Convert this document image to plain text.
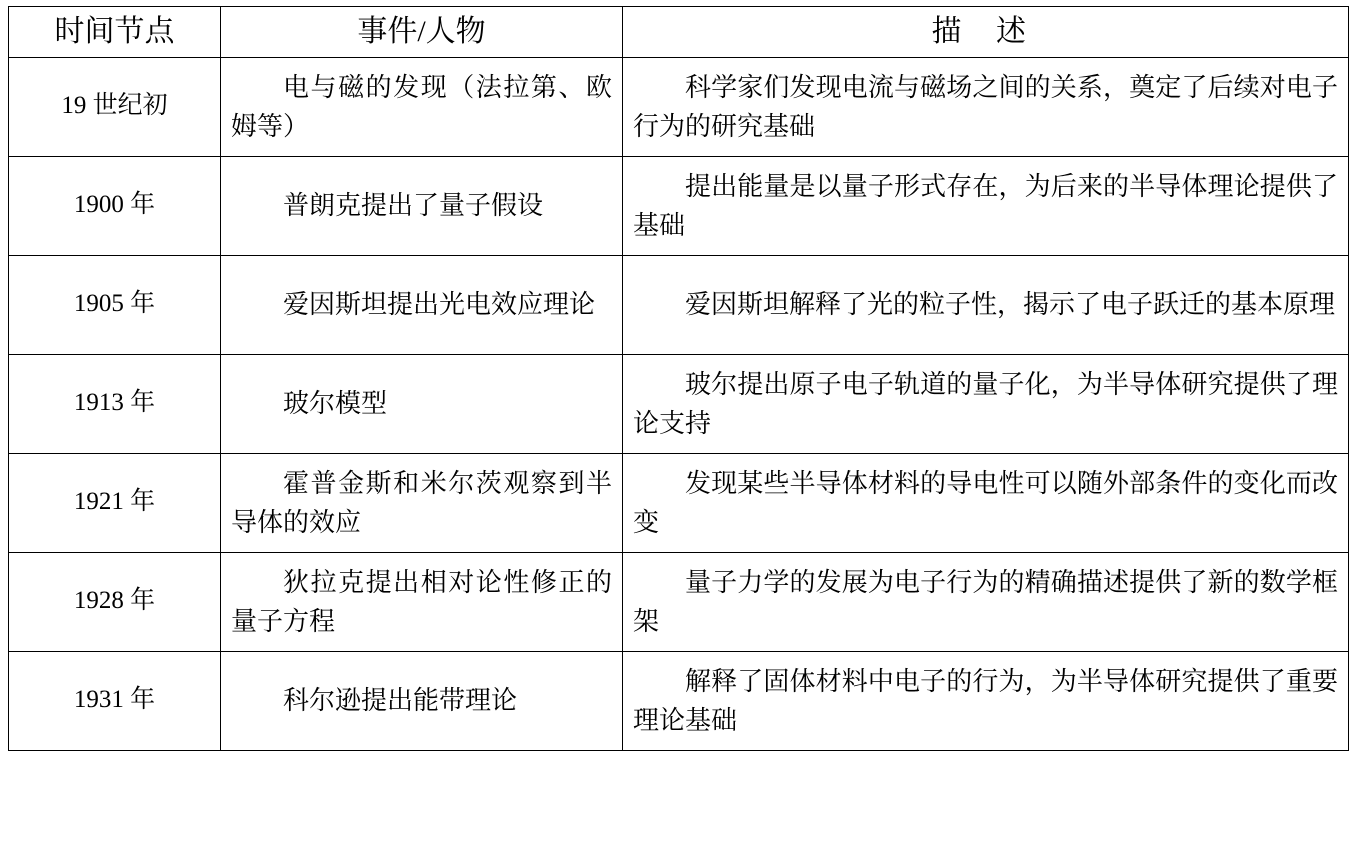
时间节点	事件/人物	描 述
19 世纪初	电与磁的发现（法拉第、欧姆等）	科学家们发现电流与磁场之间的关系，奠定了后续对电子行为的研究基础
1900 年	普朗克提出了量子假设	提出能量是以量子形式存在，为后来的半导体理论提供了基础
1905 年	爱因斯坦提出光电效应理论	爱因斯坦解释了光的粒子性，揭示了电子跃迁的基本原理
1913 年	玻尔模型	玻尔提出原子电子轨道的量子化，为半导体研究提供了理论支持
1921 年	霍普金斯和米尔茨观察到半导体的效应	发现某些半导体材料的导电性可以随外部条件的变化而改变
1928 年	狄拉克提出相对论性修正的量子方程	量子力学的发展为电子行为的精确描述提供了新的数学框架
1931 年	科尔逊提出能带理论	解释了固体材料中电子的行为，为半导体研究提供了重要理论基础
